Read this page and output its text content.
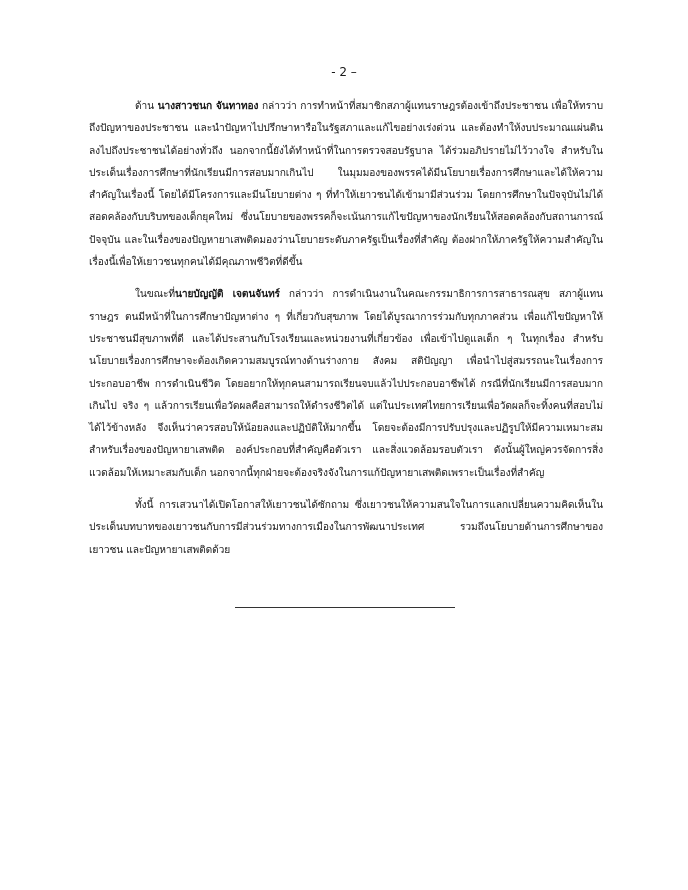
- 2 –

ด้าน นางสาวชนก จันทาทอง กล่าวว่า การทำหน้าที่สมาชิกสภาผู้แทนราษฎรต้องเข้าถึงประชาชน เพื่อให้ทราบถึงปัญหาของประชาชน และนำปัญหาไปปรึกษาหารือในรัฐสภาและแก้ไขอย่างเร่งด่วน และต้องทำให้งบประมาณแผ่นดินลงไปถึงประชาชนได้อย่างทั่วถึง นอกจากนี้ยังได้ทำหน้าที่ในการตรวจสอบรัฐบาล ได้ร่วมอภิปรายไม่ไว้วางใจ สำหรับในประเด็นเรื่องการศึกษาที่นักเรียนมีการสอบมากเกินไป ในมุมมองของพรรคได้มีนโยบายเรื่องการศึกษาและได้ให้ความสำคัญในเรื่องนี้ โดยได้มีโครงการและมีนโยบายต่าง ๆ ที่ทำให้เยาวชนได้เข้ามามีส่วนร่วม โดยการศึกษาในปัจจุบันไม่ได้สอดคล้องกับบริบทของเด็กยุคใหม่ ซึ่งนโยบายของพรรคก็จะเน้นการแก้ไขปัญหาของนักเรียนให้สอดคล้องกับสถานการณ์ปัจจุบัน และในเรื่องของปัญหายาเสพติดมองว่านโยบายระดับภาครัฐเป็นเรื่องที่สำคัญ ต้องฝากให้ภาครัฐให้ความสำคัญในเรื่องนี้เพื่อให้เยาวชนทุกคนได้มีคุณภาพชีวิตที่ดีขึ้น

ในขณะที่นายบัญญัติ เจตนจันทร์ กล่าวว่า การดำเนินงานในคณะกรรมาธิการการสาธารณสุข สภาผู้แทนราษฎร ตนมีหน้าที่ในการศึกษาปัญหาต่าง ๆ ที่เกี่ยวกับสุขภาพ โดยได้บูรณาการร่วมกับทุกภาคส่วน เพื่อแก้ไขปัญหาให้ประชาชนมีสุขภาพที่ดี และได้ประสานกับโรงเรียนและหน่วยงานที่เกี่ยวข้อง เพื่อเข้าไปดูแลเด็ก ๆ ในทุกเรื่อง สำหรับนโยบายเรื่องการศึกษาจะต้องเกิดความสมบูรณ์ทางด้านร่างกาย สังคม สติปัญญา เพื่อนำไปสู่สมรรถนะในเรื่องการประกอบอาชีพ การดำเนินชีวิต โดยอยากให้ทุกคนสามารถเรียนจบแล้วไปประกอบอาชีพได้ กรณีที่นักเรียนมีการสอบมากเกินไป จริง ๆ แล้วการเรียนเพื่อวัดผลคือสามารถให้ดำรงชีวิตได้ แต่ในประเทศไทยการเรียนเพื่อวัดผลก็จะทิ้งคนที่สอบไม่ได้ไว้ข้างหลัง จึงเห็นว่าควรสอบให้น้อยลงและปฏิบัติให้มากขึ้น โดยจะต้องมีการปรับปรุงและปฏิรูปให้มีความเหมาะสม สำหรับเรื่องของปัญหายาเสพติด องค์ประกอบที่สำคัญคือตัวเรา และสิ่งแวดล้อมรอบตัวเรา ดังนั้นผู้ใหญ่ควรจัดการสิ่งแวดล้อมให้เหมาะสมกับเด็ก นอกจากนี้ทุกฝ่ายจะต้องจริงจังในการแก้ปัญหายาเสพติดเพราะเป็นเรื่องที่สำคัญ

ทั้งนี้ การเสวนาได้เปิดโอกาสให้เยาวชนได้ซักถาม ซึ่งเยาวชนให้ความสนใจในการแลกเปลี่ยนความคิดเห็นในประเด็นบทบาทของเยาวชนกับการมีส่วนร่วมทางการเมืองในการพัฒนาประเทศ รวมถึงนโยบายด้านการศึกษาของเยาวชน และปัญหายาเสพติดด้วย
